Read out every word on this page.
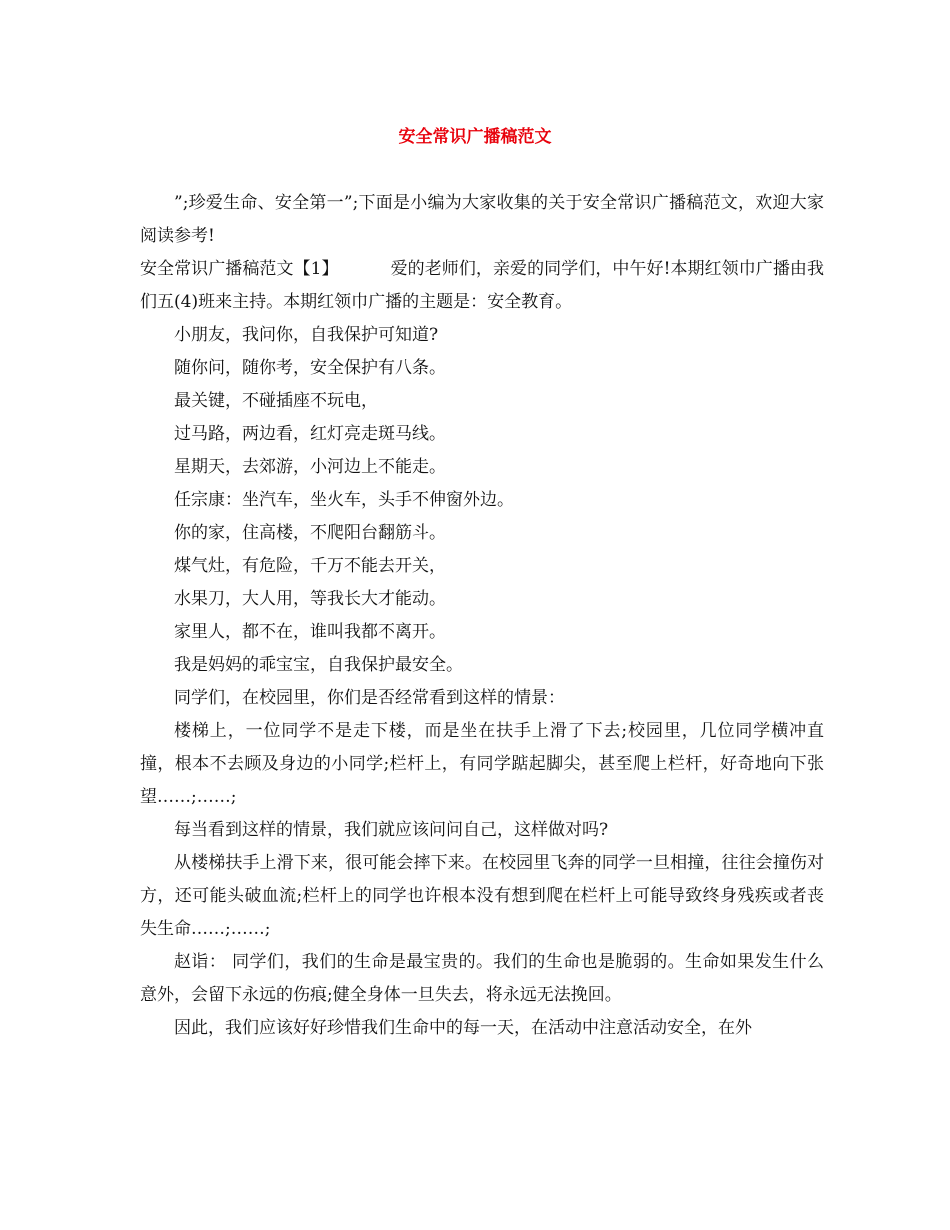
安全常识广播稿范文

”;珍爱生命、安全第一”;下面是小编为大家收集的关于安全常识广播稿范文，欢迎大家阅读参考!

安全常识广播稿范文【1】	爱的老师们，亲爱的同学们，中午好!本期红领巾广播由我们五(4)班来主持。本期红领巾广播的主题是：安全教育。

小朋友，我问你，自我保护可知道?

随你问，随你考，安全保护有八条。

最关键，不碰插座不玩电，

过马路，两边看，红灯亮走斑马线。

星期天，去郊游，小河边上不能走。

任宗康：坐汽车，坐火车，头手不伸窗外边。

你的家，住高楼，不爬阳台翻筋斗。

煤气灶，有危险，千万不能去开关，

水果刀，大人用，等我长大才能动。

家里人，都不在，谁叫我都不离开。

我是妈妈的乖宝宝，自我保护最安全。

同学们，在校园里，你们是否经常看到这样的情景：

楼梯上，一位同学不是走下楼，而是坐在扶手上滑了下去;校园里，几位同学横冲直撞，根本不去顾及身边的小同学;栏杆上，有同学踮起脚尖，甚至爬上栏杆，好奇地向下张望……;……;

每当看到这样的情景，我们就应该问问自己，这样做对吗?

从楼梯扶手上滑下来，很可能会摔下来。在校园里飞奔的同学一旦相撞，往往会撞伤对方，还可能头破血流;栏杆上的同学也许根本没有想到爬在栏杆上可能导致终身残疾或者丧失生命……;……;

赵诣： 同学们，我们的生命是最宝贵的。我们的生命也是脆弱的。生命如果发生什么意外，会留下永远的伤痕;健全身体一旦失去，将永远无法挽回。

因此，我们应该好好珍惜我们生命中的每一天，在活动中注意活动安全，在外
